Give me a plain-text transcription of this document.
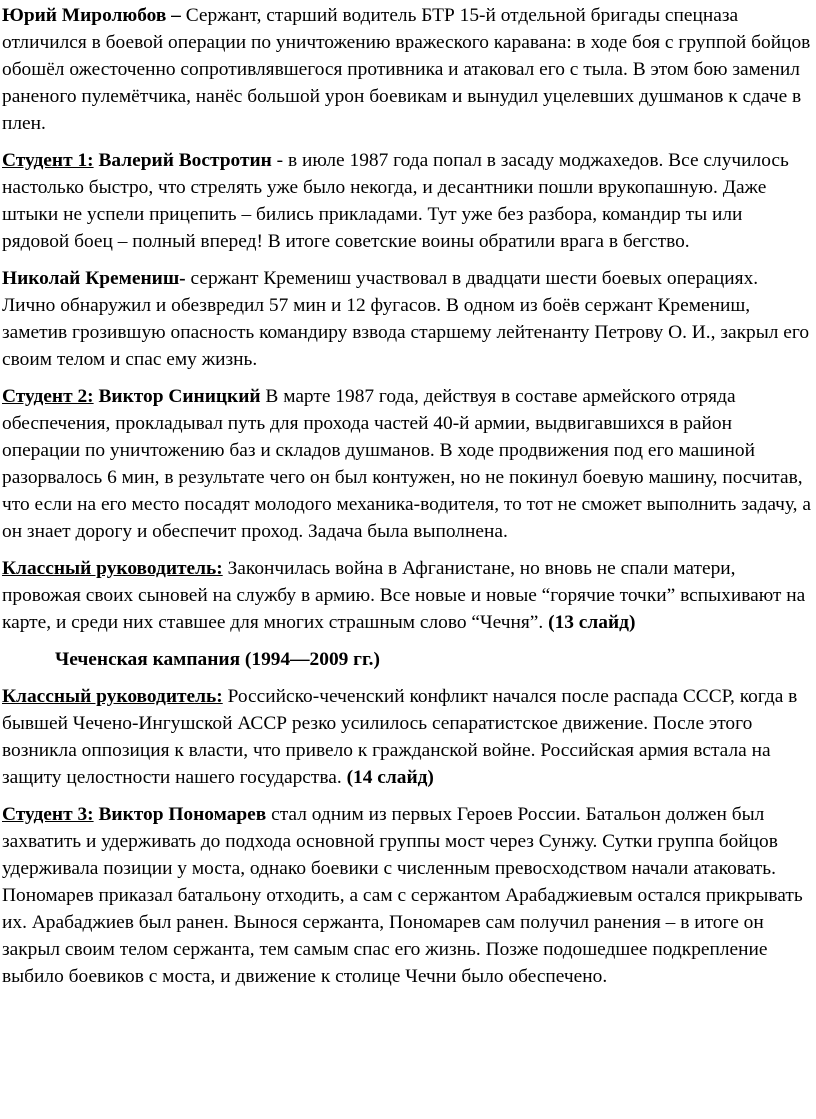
Юрий Миролюбов – Сержант, старший водитель БТР 15-й отдельной бригады спецназа отличился в боевой операции по уничтожению вражеского каравана: в ходе боя с группой бойцов обошёл ожесточенно сопротивлявшегося противника и атаковал его с тыла. В этом бою заменил раненого пулемётчика, нанёс большой урон боевикам и вынудил уцелевших душманов к сдаче в плен.

Студент 1: Валерий Востротин - в июле 1987 года попал в засаду моджахедов. Все случилось настолько быстро, что стрелять уже было некогда, и десантники пошли врукопашную. Даже штыки не успели прицепить – бились прикладами. Тут уже без разбора, командир ты или рядовой боец – полный вперед! В итоге советские воины обратили врага в бегство.

Николай Кремениш- сержант Кремениш участвовал в двадцати шести боевых операциях. Лично обнаружил и обезвредил 57 мин и 12 фугасов. В одном из боёв сержант Кремениш, заметив грозившую опасность командиру взвода старшему лейтенанту Петрову О. И., закрыл его своим телом и спас ему жизнь.

Студент 2: Виктор Синицкий В марте 1987 года, действуя в составе армейского отряда обеспечения, прокладывал путь для прохода частей 40-й армии, выдвигавшихся в район операции по уничтожению баз и складов душманов. В ходе продвижения под его машиной разорвалось 6 мин, в результате чего он был контужен, но не покинул боевую машину, посчитав, что если на его место посадят молодого механика-водителя, то тот не сможет выполнить задачу, а он знает дорогу и обеспечит проход. Задача была выполнена.

Классный руководитель: Закончилась война в Афганистане, но вновь не спали матери, провожая своих сыновей на службу в армию. Все новые и новые “горячие точки” вспыхивают на карте, и среди них ставшее для многих страшным слово “Чечня”. (13 слайд)

Чеченская кампания (1994—2009 гг.)

Классный руководитель: Российско-чеченский конфликт начался после распада СССР, когда в бывшей Чечено-Ингушской АССР резко усилилось сепаратистское движение. После этого возникла оппозиция к власти, что привело к гражданской войне. Российская армия встала на защиту целостности нашего государства. (14 слайд)

Студент 3: Виктор Пономарев стал одним из первых Героев России. Батальон должен был захватить и удерживать до подхода основной группы мост через Сунжу. Сутки группа бойцов удерживала позиции у моста, однако боевики с численным превосходством начали атаковать. Пономарев приказал батальону отходить, а сам с сержантом Арабаджиевым остался прикрывать их. Арабаджиев был ранен. Вынося сержанта, Пономарев сам получил ранения – в итоге он закрыл своим телом сержанта, тем самым спас его жизнь. Позже подошедшее подкрепление выбило боевиков с моста, и движение к столице Чечни было обеспечено.
